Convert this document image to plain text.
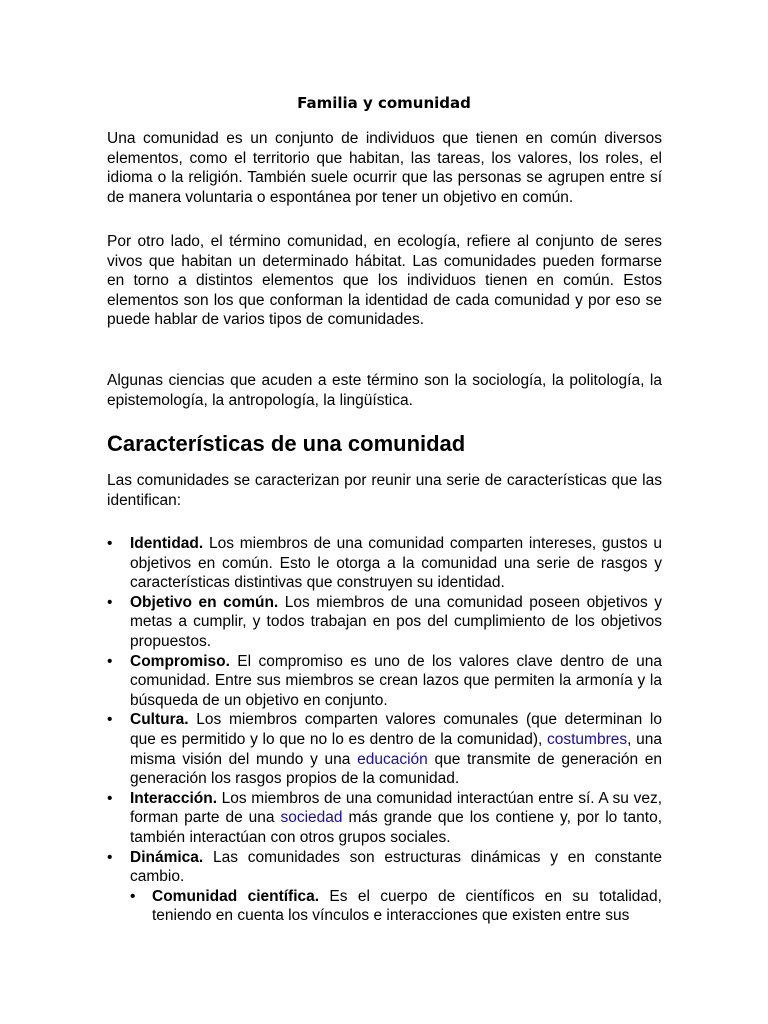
Familia y comunidad

Una comunidad es un conjunto de individuos que tienen en común diversos elementos, como el territorio que habitan, las tareas, los valores, los roles, el idioma o la religión. También suele ocurrir que las personas se agrupen entre sí de manera voluntaria o espontánea por tener un objetivo en común.

Por otro lado, el término comunidad, en ecología, refiere al conjunto de seres vivos que habitan un determinado hábitat. Las comunidades pueden formarse en torno a distintos elementos que los individuos tienen en común. Estos elementos son los que conforman la identidad de cada comunidad y por eso se puede hablar de varios tipos de comunidades.

Algunas ciencias que acuden a este término son la sociología, la politología, la epistemología, la antropología, la lingüística.

Características de una comunidad

Las comunidades se caracterizan por reunir una serie de características que las identifican:

• Identidad. Los miembros de una comunidad comparten intereses, gustos u objetivos en común. Esto le otorga a la comunidad una serie de rasgos y características distintivas que construyen su identidad.
• Objetivo en común. Los miembros de una comunidad poseen objetivos y metas a cumplir, y todos trabajan en pos del cumplimiento de los objetivos propuestos.
• Compromiso. El compromiso es uno de los valores clave dentro de una comunidad. Entre sus miembros se crean lazos que permiten la armonía y la búsqueda de un objetivo en conjunto.
• Cultura. Los miembros comparten valores comunales (que determinan lo que es permitido y lo que no lo es dentro de la comunidad), costumbres, una misma visión del mundo y una educación que transmite de generación en generación los rasgos propios de la comunidad.
• Interacción. Los miembros de una comunidad interactúan entre sí. A su vez, forman parte de una sociedad más grande que los contiene y, por lo tanto, también interactúan con otros grupos sociales.
• Dinámica. Las comunidades son estructuras dinámicas y en constante cambio.
• Comunidad científica. Es el cuerpo de científicos en su totalidad, teniendo en cuenta los vínculos e interacciones que existen entre sus
